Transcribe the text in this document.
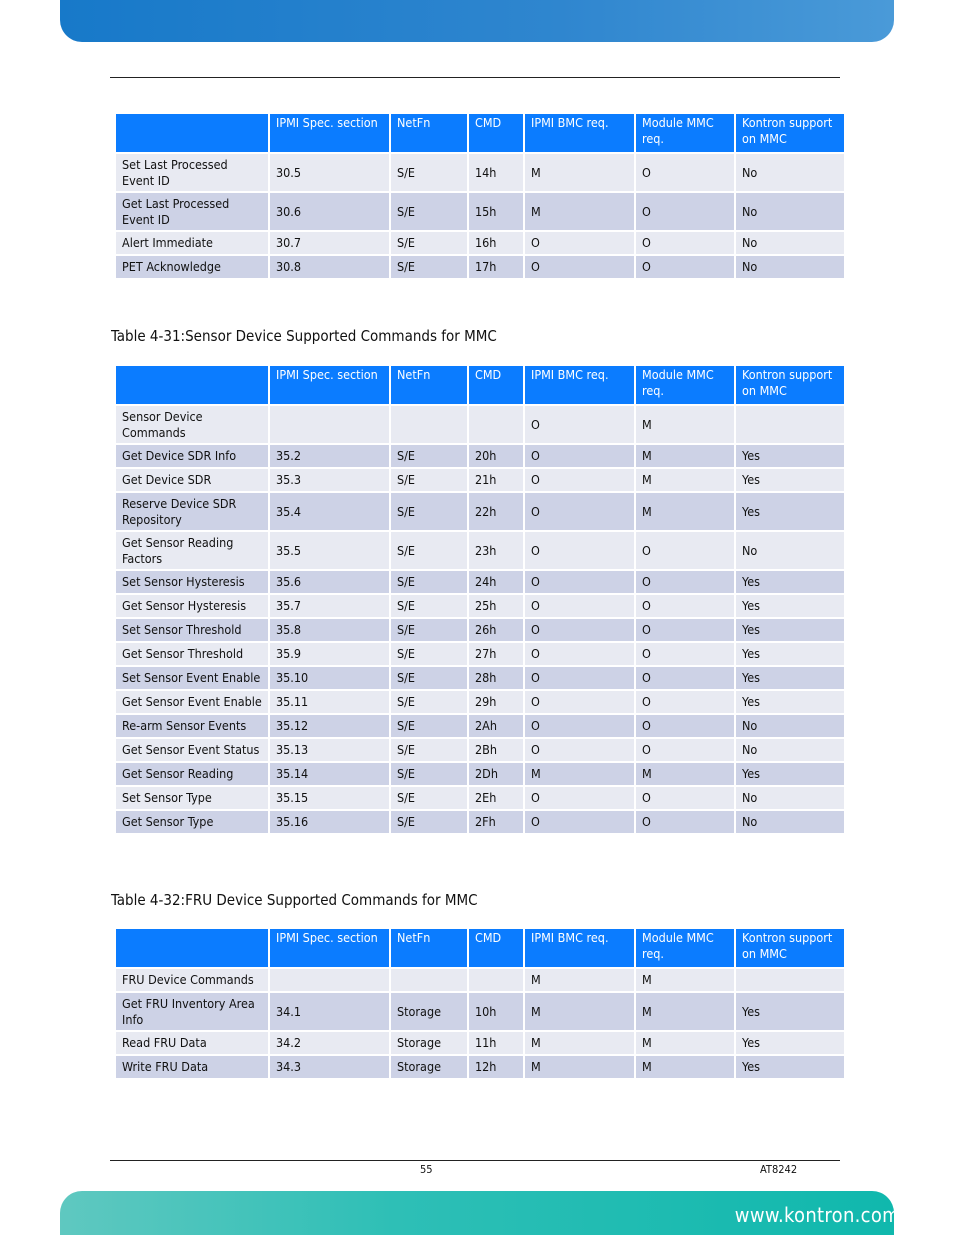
	IPMI Spec. section	NetFn	CMD	IPMI BMC req.	Module MMC req.	Kontron support on MMC
Set Last Processed Event ID	30.5	S/E	14h	M	O	No
Get Last Processed Event ID	30.6	S/E	15h	M	O	No
Alert Immediate	30.7	S/E	16h	O	O	No
PET Acknowledge	30.8	S/E	17h	O	O	No
Table 4-31:Sensor Device Supported Commands for MMC
	IPMI Spec. section	NetFn	CMD	IPMI BMC req.	Module MMC req.	Kontron support on MMC
Sensor Device Commands				O	M	
Get Device SDR Info	35.2	S/E	20h	O	M	Yes
Get Device SDR	35.3	S/E	21h	O	M	Yes
Reserve Device SDR Repository	35.4	S/E	22h	O	M	Yes
Get Sensor Reading Factors	35.5	S/E	23h	O	O	No
Set Sensor Hysteresis	35.6	S/E	24h	O	O	Yes
Get Sensor Hysteresis	35.7	S/E	25h	O	O	Yes
Set Sensor Threshold	35.8	S/E	26h	O	O	Yes
Get Sensor Threshold	35.9	S/E	27h	O	O	Yes
Set Sensor Event Enable	35.10	S/E	28h	O	O	Yes
Get Sensor Event Enable	35.11	S/E	29h	O	O	Yes
Re-arm Sensor Events	35.12	S/E	2Ah	O	O	No
Get Sensor Event Status	35.13	S/E	2Bh	O	O	No
Get Sensor Reading	35.14	S/E	2Dh	M	M	Yes
Set Sensor Type	35.15	S/E	2Eh	O	O	No
Get Sensor Type	35.16	S/E	2Fh	O	O	No
Table 4-32:FRU Device Supported Commands for MMC
	IPMI Spec. section	NetFn	CMD	IPMI BMC req.	Module MMC req.	Kontron support on MMC
FRU Device Commands				M	M	
Get FRU Inventory Area Info	34.1	Storage	10h	M	M	Yes
Read FRU Data	34.2	Storage	11h	M	M	Yes
Write FRU Data	34.3	Storage	12h	M	M	Yes
55	AT8242
www.kontron.com
